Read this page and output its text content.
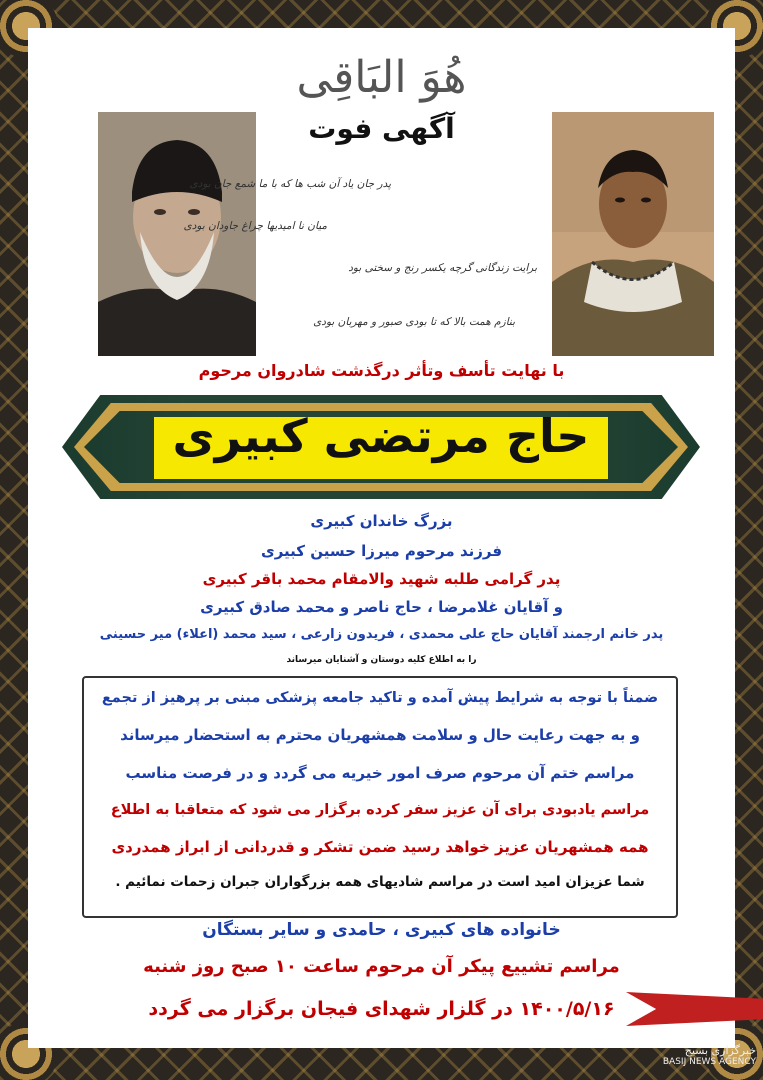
هُوَ البَاقِی
آگهی فوت
پدر جان یاد آن شب ها که با ما شمع جان بودی
میان نا امیدیها چراغ جاودان بودی
برایت زندگانی گرچه یکسر رنج و سختی بود
بنازم همت بالا که تا بودی صبور و مهربان بودی
با نهایت تأسف وتأثر درگذشت شادروان مرحوم
حاج مرتضی کبیری
بزرگ خاندان کبیری
فرزند مرحوم میرزا حسین کبیری
پدر گرامی طلبه شهید والامقام محمد باقر کبیری
و آقایان غلامرضا ، حاج ناصر و محمد صادق کبیری
پدر خانم ارجمند آقایان حاج علی محمدی ، فریدون زارعی ، سید محمد (اعلاء) میر حسینی
را به اطلاع کلیه دوستان و آشنایان میرساند
ضمناً با توجه به شرایط پیش آمده و تاکید جامعه پزشکی مبنی بر پرهیز از تجمع
و به جهت رعایت حال و سلامت همشهریان محترم به استحضار میرساند
مراسم ختم آن مرحوم صرف امور خیریه می گردد و در فرصت مناسب
مراسم یادبودی برای آن عزیز سفر کرده برگزار می شود که متعاقبا به اطلاع
همه همشهریان عزیز خواهد رسید ضمن تشکر و قدردانی از ابراز همدردی
شما عزیزان امید است در مراسم شادیهای همه بزرگواران جبران زحمات نمائیم .
خانواده های کبیری ، حامدی و سایر بستگان
مراسم تشییع پیکر آن مرحوم ساعت ۱۰ صبح روز شنبه
۱۴۰۰/۵/۱۶ در گلزار شهدای فیجان برگزار می گردد
خبرگزاری بسیج
BASIJ NEWS AGENCY
